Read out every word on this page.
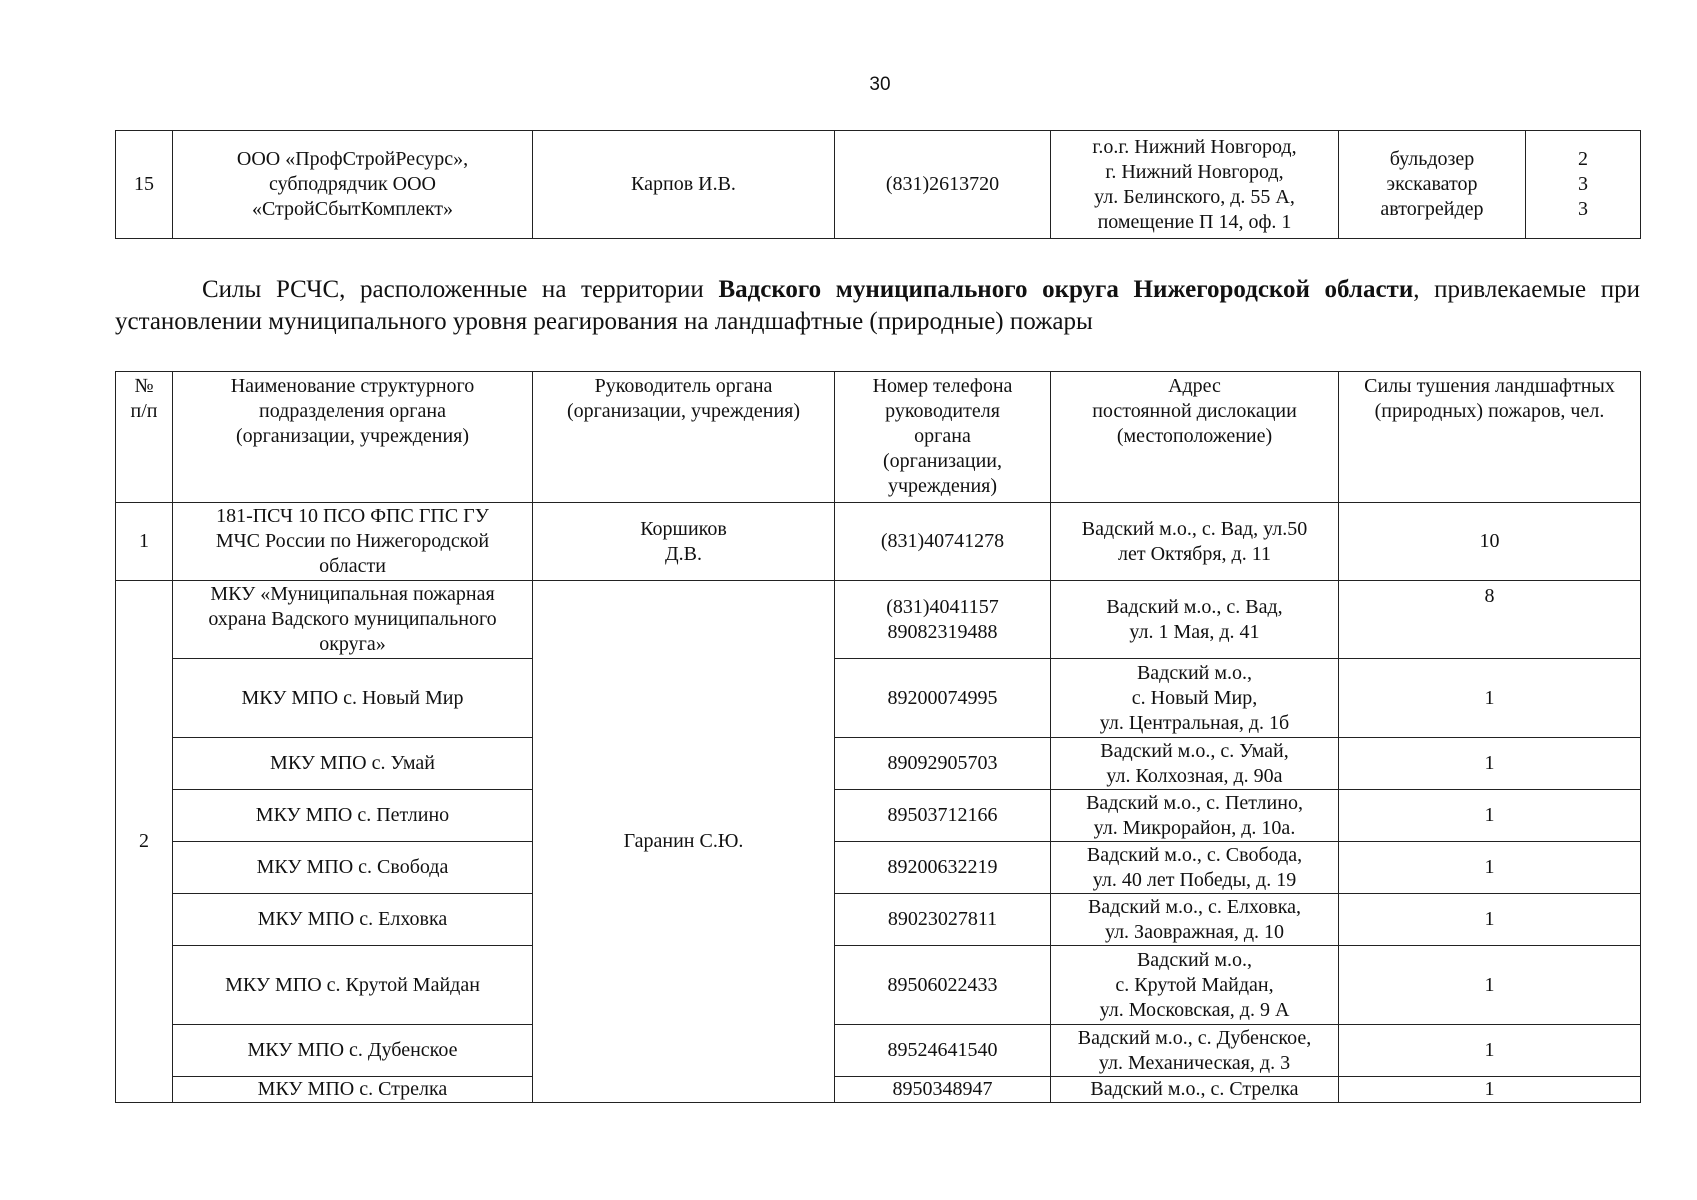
30
15	ООО «ПрофСтройРесурс»,
субподрядчик ООО
«СтройСбытКомплект»	Карпов И.В.	(831)2613720	г.о.г. Нижний Новгород,
г. Нижний Новгород,
ул. Белинского, д. 55 А,
помещение П 14, оф. 1	бульдозер
экскаватор
автогрейдер	2
3
3
Силы РСЧС, расположенные на территории Вадского муниципального округа Нижегородской области, привлекаемые при установлении муниципального уровня реагирования на ландшафтные (природные) пожары
№
п/п	Наименование структурного
подразделения органа
(организации, учреждения)	Руководитель органа
(организации, учреждения)	Номер телефона
руководителя
органа
(организации,
учреждения)	Адрес
постоянной дислокации
(местоположение)	Силы тушения ландшафтных
(природных) пожаров, чел.
1	181-ПСЧ 10 ПСО ФПС ГПС ГУ
МЧС России по Нижегородской
области	Коршиков
Д.В.	(831)40741278	Вадский м.о., с. Вад, ул.50
лет Октября, д. 11	10
2	МКУ «Муниципальная пожарная
охрана Вадского муниципального
округа»	Гаранин С.Ю.	(831)4041157
89082319488	Вадский м.о., с. Вад,
ул. 1 Мая, д. 41	8
	МКУ МПО с. Новый Мир		89200074995	Вадский м.о.,
с. Новый Мир,
ул. Центральная, д. 1б	1
	МКУ МПО с. Умай		89092905703	Вадский м.о., с. Умай,
ул. Колхозная, д. 90а	1
	МКУ МПО с. Петлино		89503712166	Вадский м.о., с. Петлино,
ул. Микрорайон, д. 10а.	1
	МКУ МПО с. Свобода		89200632219	Вадский м.о., с. Свобода,
ул. 40 лет Победы, д. 19	1
	МКУ МПО с. Елховка		89023027811	Вадский м.о., с. Елховка,
ул. Заовражная, д. 10	1
	МКУ МПО с. Крутой Майдан		89506022433	Вадский м.о.,
с. Крутой Майдан,
ул. Московская, д. 9 А	1
	МКУ МПО с. Дубенское		89524641540	Вадский м.о., с. Дубенское,
ул. Механическая, д. 3	1
	МКУ МПО с. Стрелка		8950348947	Вадский м.о., с. Стрелка	1
